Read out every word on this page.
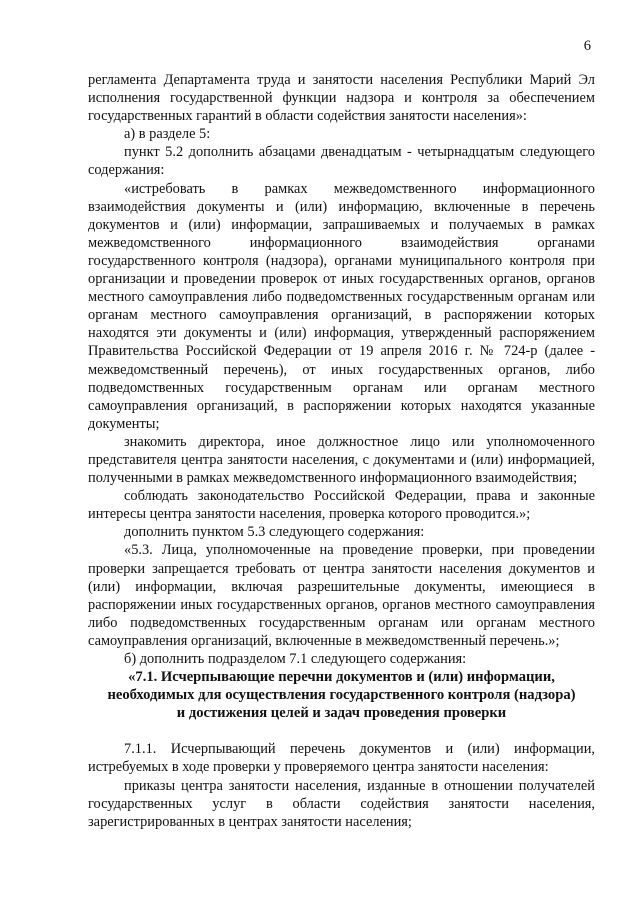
6

регламента Департамента труда и занятости населения Республики Марий Эл исполнения государственной функции надзора и контроля за обеспечением государственных гарантий в области содействия занятости населения»:

а) в разделе 5:

пункт 5.2 дополнить абзацами двенадцатым - четырнадцатым следующего содержания:

«истребовать в рамках межведомственного информационного взаимодействия документы и (или) информацию, включенные в перечень документов и (или) информации, запрашиваемых и получаемых в рамках межведомственного информационного взаимодействия органами государственного контроля (надзора), органами муниципального контроля при организации и проведении проверок от иных государственных органов, органов местного самоуправления либо подведомственных государственным органам или органам местного самоуправления организаций, в распоряжении которых находятся эти документы и (или) информация, утвержденный распоряжением Правительства Российской Федерации от 19 апреля 2016 г. № 724-р (далее - межведомственный перечень), от иных государственных органов, либо подведомственных государственным органам или органам местного самоуправления организаций, в распоряжении которых находятся указанные документы;

знакомить директора, иное должностное лицо или уполномоченного представителя центра занятости населения, с документами и (или) информацией, полученными в рамках межведомственного информационного взаимодействия;

соблюдать законодательство Российской Федерации, права и законные интересы центра занятости населения, проверка которого проводится.»;

дополнить пунктом 5.3 следующего содержания:

«5.3. Лица, уполномоченные на проведение проверки, при проведении проверки запрещается требовать от центра занятости населения документов и (или) информации, включая разрешительные документы, имеющиеся в распоряжении иных государственных органов, органов местного самоуправления либо подведомственных государственным органам или органам местного самоуправления организаций, включенные в межведомственный перечень.»;

б) дополнить подразделом 7.1 следующего содержания:

«7.1. Исчерпывающие перечни документов и (или) информации,

необходимых для осуществления государственного контроля (надзора)

и достижения целей и задач проведения проверки

7.1.1. Исчерпывающий перечень документов и (или) информации, истребуемых в ходе проверки у проверяемого центра занятости населения:

приказы центра занятости населения, изданные в отношении получателей государственных услуг в области содействия занятости населения, зарегистрированных в центрах занятости населения;
